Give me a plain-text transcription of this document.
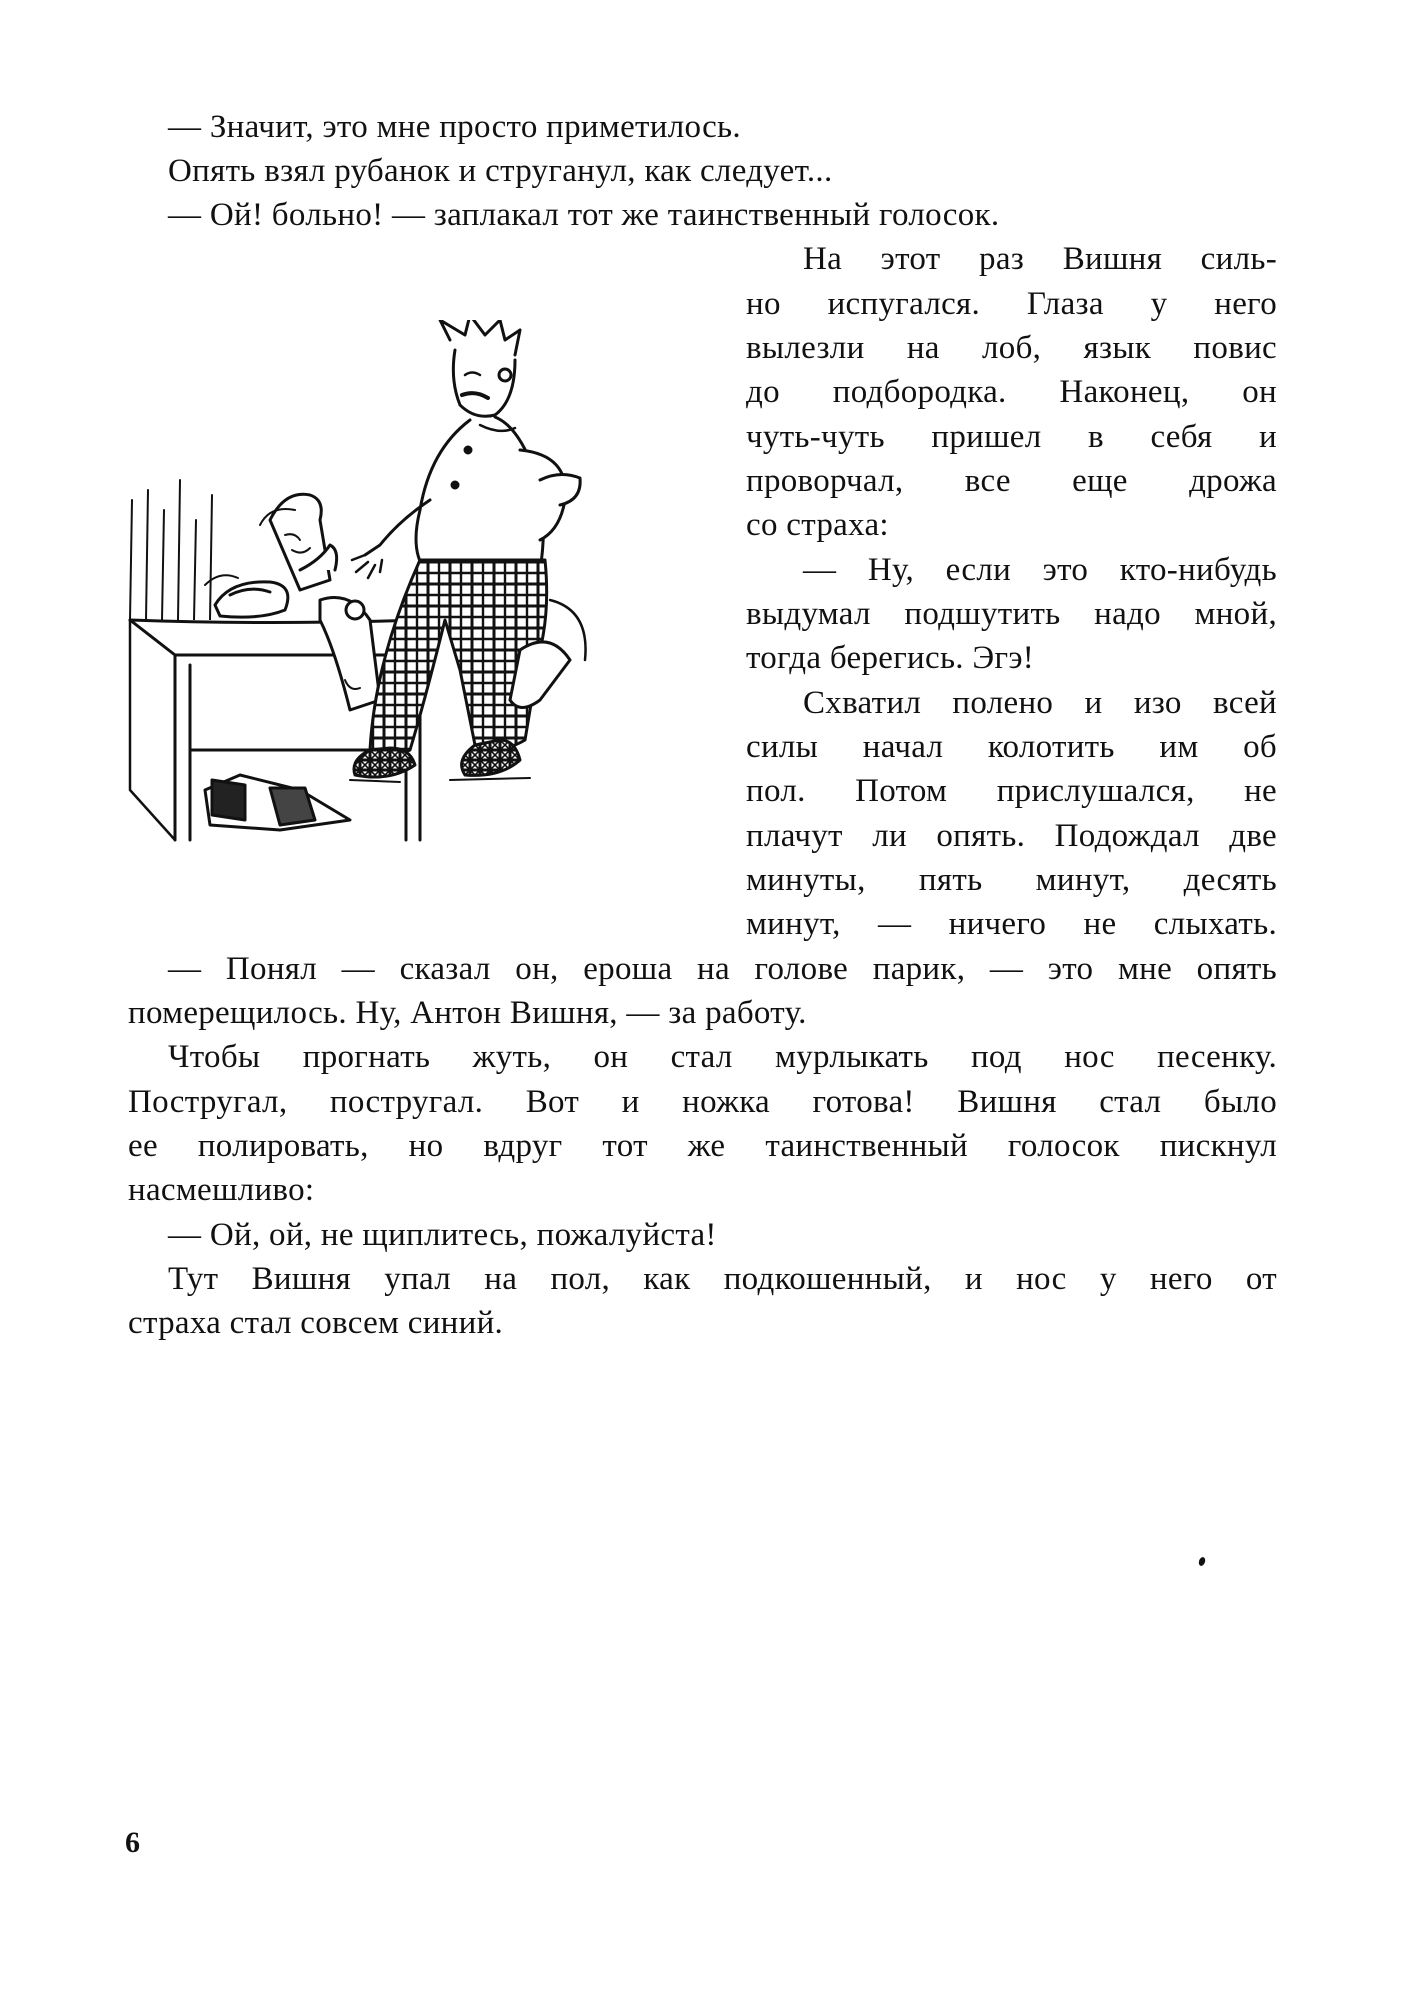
— Значит, это мне просто приметилось.
Опять взял рубанок и струганул, как следует...
— Ой! больно! — заплакал тот же таинственный голосок.
На этот раз Вишня силь-
но испугался. Глаза у него
вылезли на лоб, язык повис
до подбородка. Наконец, он
чуть-чуть пришел в себя и
проворчал, все еще дрожа
со страха:
— Ну, если это кто-нибудь
выдумал подшутить надо мной,
тогда берегись. Эгэ!
Схватил полено и изо всей
силы начал колотить им об
пол. Потом прислушался, не
плачут ли опять. Подождал две
минуты, пять минут, десять
минут, — ничего не слыхать.
— Понял — сказал он, ероша на голове парик, — это мне опять
померещилось. Ну, Антон Вишня, — за работу.
Чтобы прогнать жуть, он стал мурлыкать под нос песенку.
Постругал, постругал. Вот и ножка готова! Вишня стал было
ее полировать, но вдруг тот же таинственный голосок пискнул
насмешливо:
— Ой, ой, не щиплитесь, пожалуйста!
Тут Вишня упал на пол, как подкошенный, и нос у него от
страха стал совсем синий.
6
